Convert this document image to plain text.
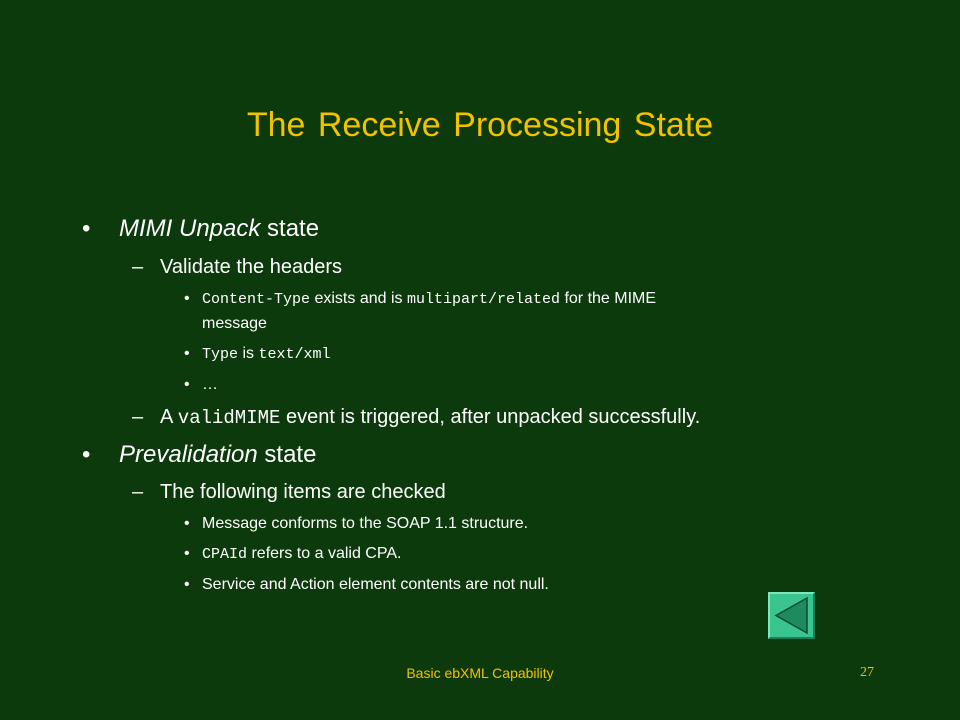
The Receive Processing State
• MIMI Unpack state
– Validate the headers
• Content-Type exists and is multipart/related for the MIME
message
• Type is text/xml
• …
– A validMIME event is triggered, after unpacked successfully.
• Prevalidation state
– The following items are checked
• Message conforms to the SOAP 1.1 structure.
• CPAId refers to a valid CPA.
• Service and Action element contents are not null.
Basic ebXML Capability	27
